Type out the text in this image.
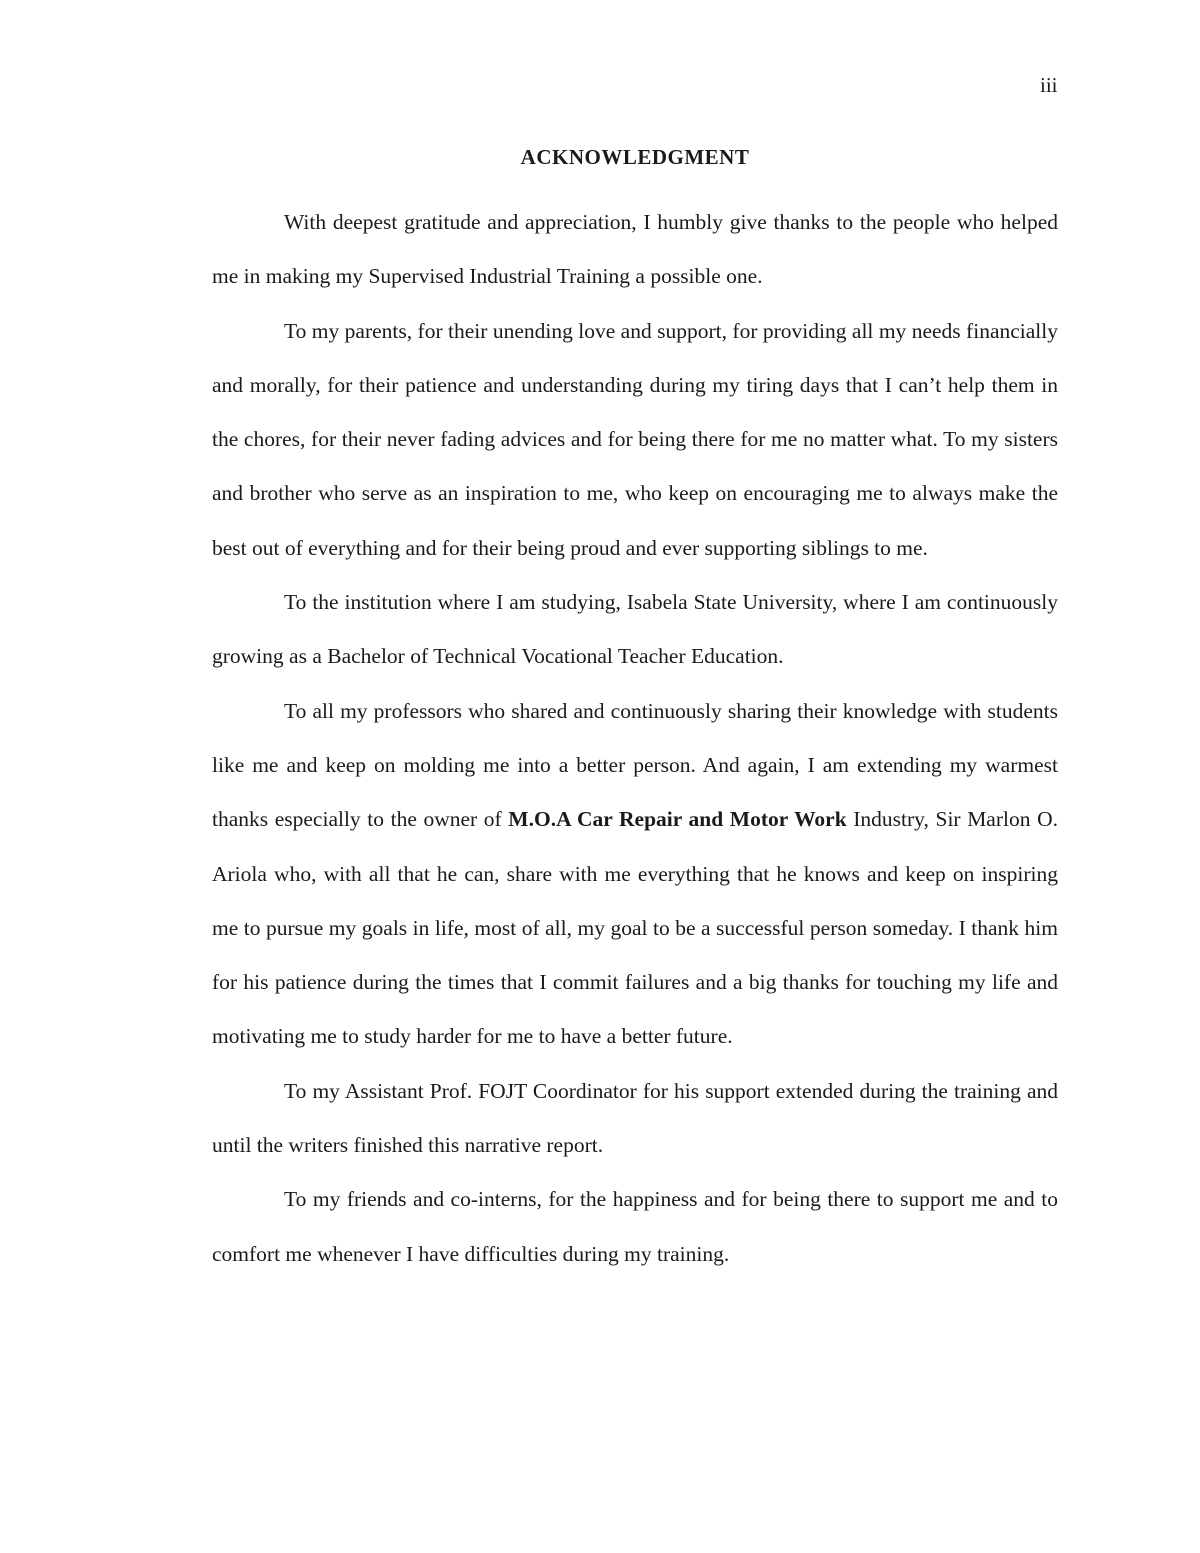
iii
ACKNOWLEDGMENT

With deepest gratitude and appreciation, I humbly give thanks to the people who helped me in making my Supervised Industrial Training a possible one.

To my parents, for their unending love and support, for providing all my needs financially and morally, for their patience and understanding during my tiring days that I can’t help them in the chores, for their never fading advices and for being there for me no matter what. To my sisters and brother who serve as an inspiration to me, who keep on encouraging me to always make the best out of everything and for their being proud and ever supporting siblings to me.

To the institution where I am studying, Isabela State University, where I am continuously growing as a Bachelor of Technical Vocational Teacher Education.

To all my professors who shared and continuously sharing their knowledge with students like me and keep on molding me into a better person. And again, I am extending my warmest thanks especially to the owner of M.O.A Car Repair and Motor Work Industry, Sir Marlon O. Ariola who, with all that he can, share with me everything that he knows and keep on inspiring me to pursue my goals in life, most of all, my goal to be a successful person someday. I thank him for his patience during the times that I commit failures and a big thanks for touching my life and motivating me to study harder for me to have a better future.

To my Assistant Prof. FOJT Coordinator for his support extended during the training and until the writers finished this narrative report.

To my friends and co-interns, for the happiness and for being there to support me and to comfort me whenever I have difficulties during my training.
